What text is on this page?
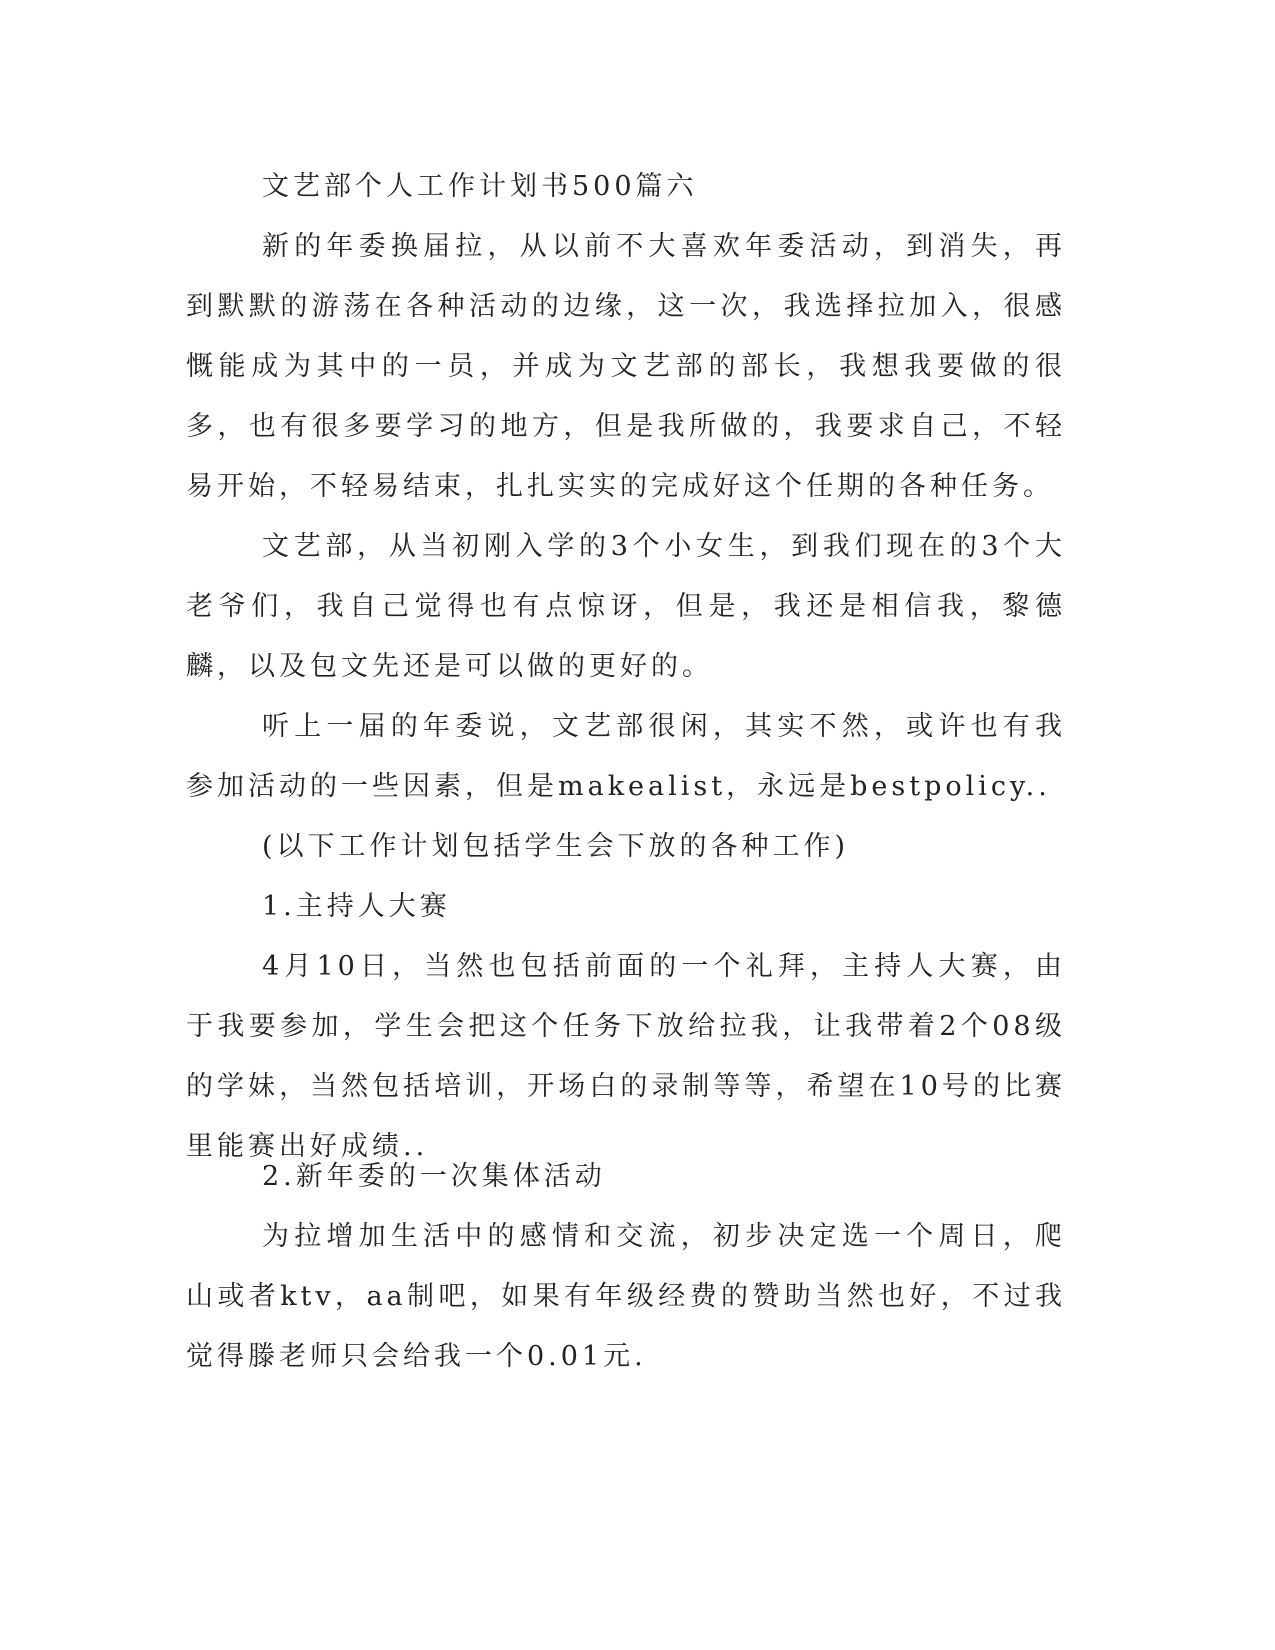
文艺部个人工作计划书500篇六

新的年委换届拉，从以前不大喜欢年委活动，到消失，再到默默的游荡在各种活动的边缘，这一次，我选择拉加入，很感慨能成为其中的一员，并成为文艺部的部长，我想我要做的很多，也有很多要学习的地方，但是我所做的，我要求自己，不轻易开始，不轻易结束，扎扎实实的完成好这个任期的各种任务。

文艺部，从当初刚入学的3个小女生，到我们现在的3个大老爷们，我自己觉得也有点惊讶，但是，我还是相信我，黎德麟，以及包文先还是可以做的更好的。

听上一届的年委说，文艺部很闲，其实不然，或许也有我参加活动的一些因素，但是makealist，永远是bestpolicy..

(以下工作计划包括学生会下放的各种工作)

1.主持人大赛

4月10日，当然也包括前面的一个礼拜，主持人大赛，由于我要参加，学生会把这个任务下放给拉我，让我带着2个08级的学妹，当然包括培训，开场白的录制等等，希望在10号的比赛里能赛出好成绩..

2.新年委的一次集体活动

为拉增加生活中的感情和交流，初步决定选一个周日，爬山或者ktv，aa制吧，如果有年级经费的赞助当然也好，不过我觉得滕老师只会给我一个0.01元.
